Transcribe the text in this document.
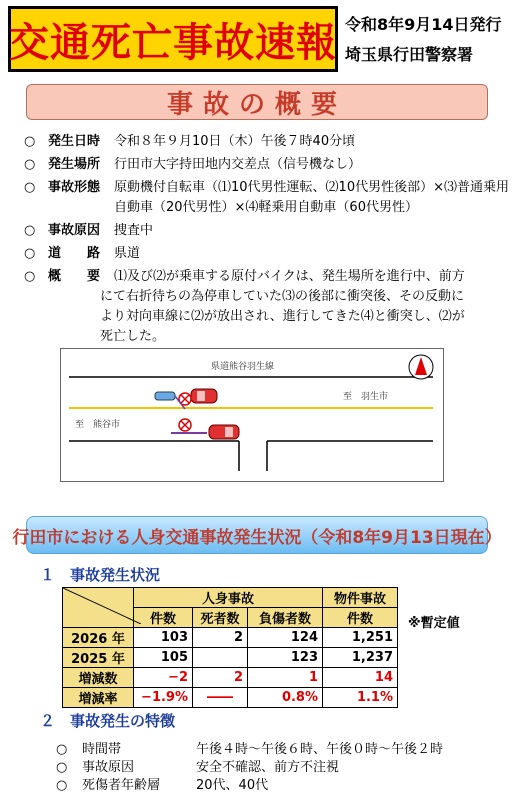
交通死亡事故速報 令和8年9月14日発行
埼玉県行田警察署
事故の概要
○ 発生日時 令和８年９月10日（木）午後７時40分頃
○ 発生場所 行田市大字持田地内交差点（信号機なし）
○ 事故形態 原動機付自転車（⑴10代男性運転、⑵10代男性後部）×⑶普通乗用
自動車（20代男性）×⑷軽乗用自動車（60代男性）
○ 事故原因 捜査中
○ 道　　路 県道
○ 概　　要 ⑴及び⑵が乗車する原付バイクは、発生場所を進行中、前方
にて右折待ちの為停車していた⑶の後部に衝突後、その反動に
より対向車線に⑵が放出され、進行してきた⑷と衝突し、⑵が
死亡した。
県道熊谷羽生線
至　羽生市
至　熊谷市
行田市における人身交通事故発生状況（令和8年9月13日現在）
１　事故発生状況
	人身事故			物件事故
	件数	死者数	負傷者数	件数
2026 年	103	2	124	1,251
2025 年	105		123	1,237
増減数	−2	2	1	14
増減率	−1.9%	――	0.8%	1.1%
※暫定値
２　事故発生の特徴
○ 時間帯	午後４時～午後６時、午後０時～午後２時
○ 事故原因	安全不確認、前方不注視
○ 死傷者年齢層	20代、40代
